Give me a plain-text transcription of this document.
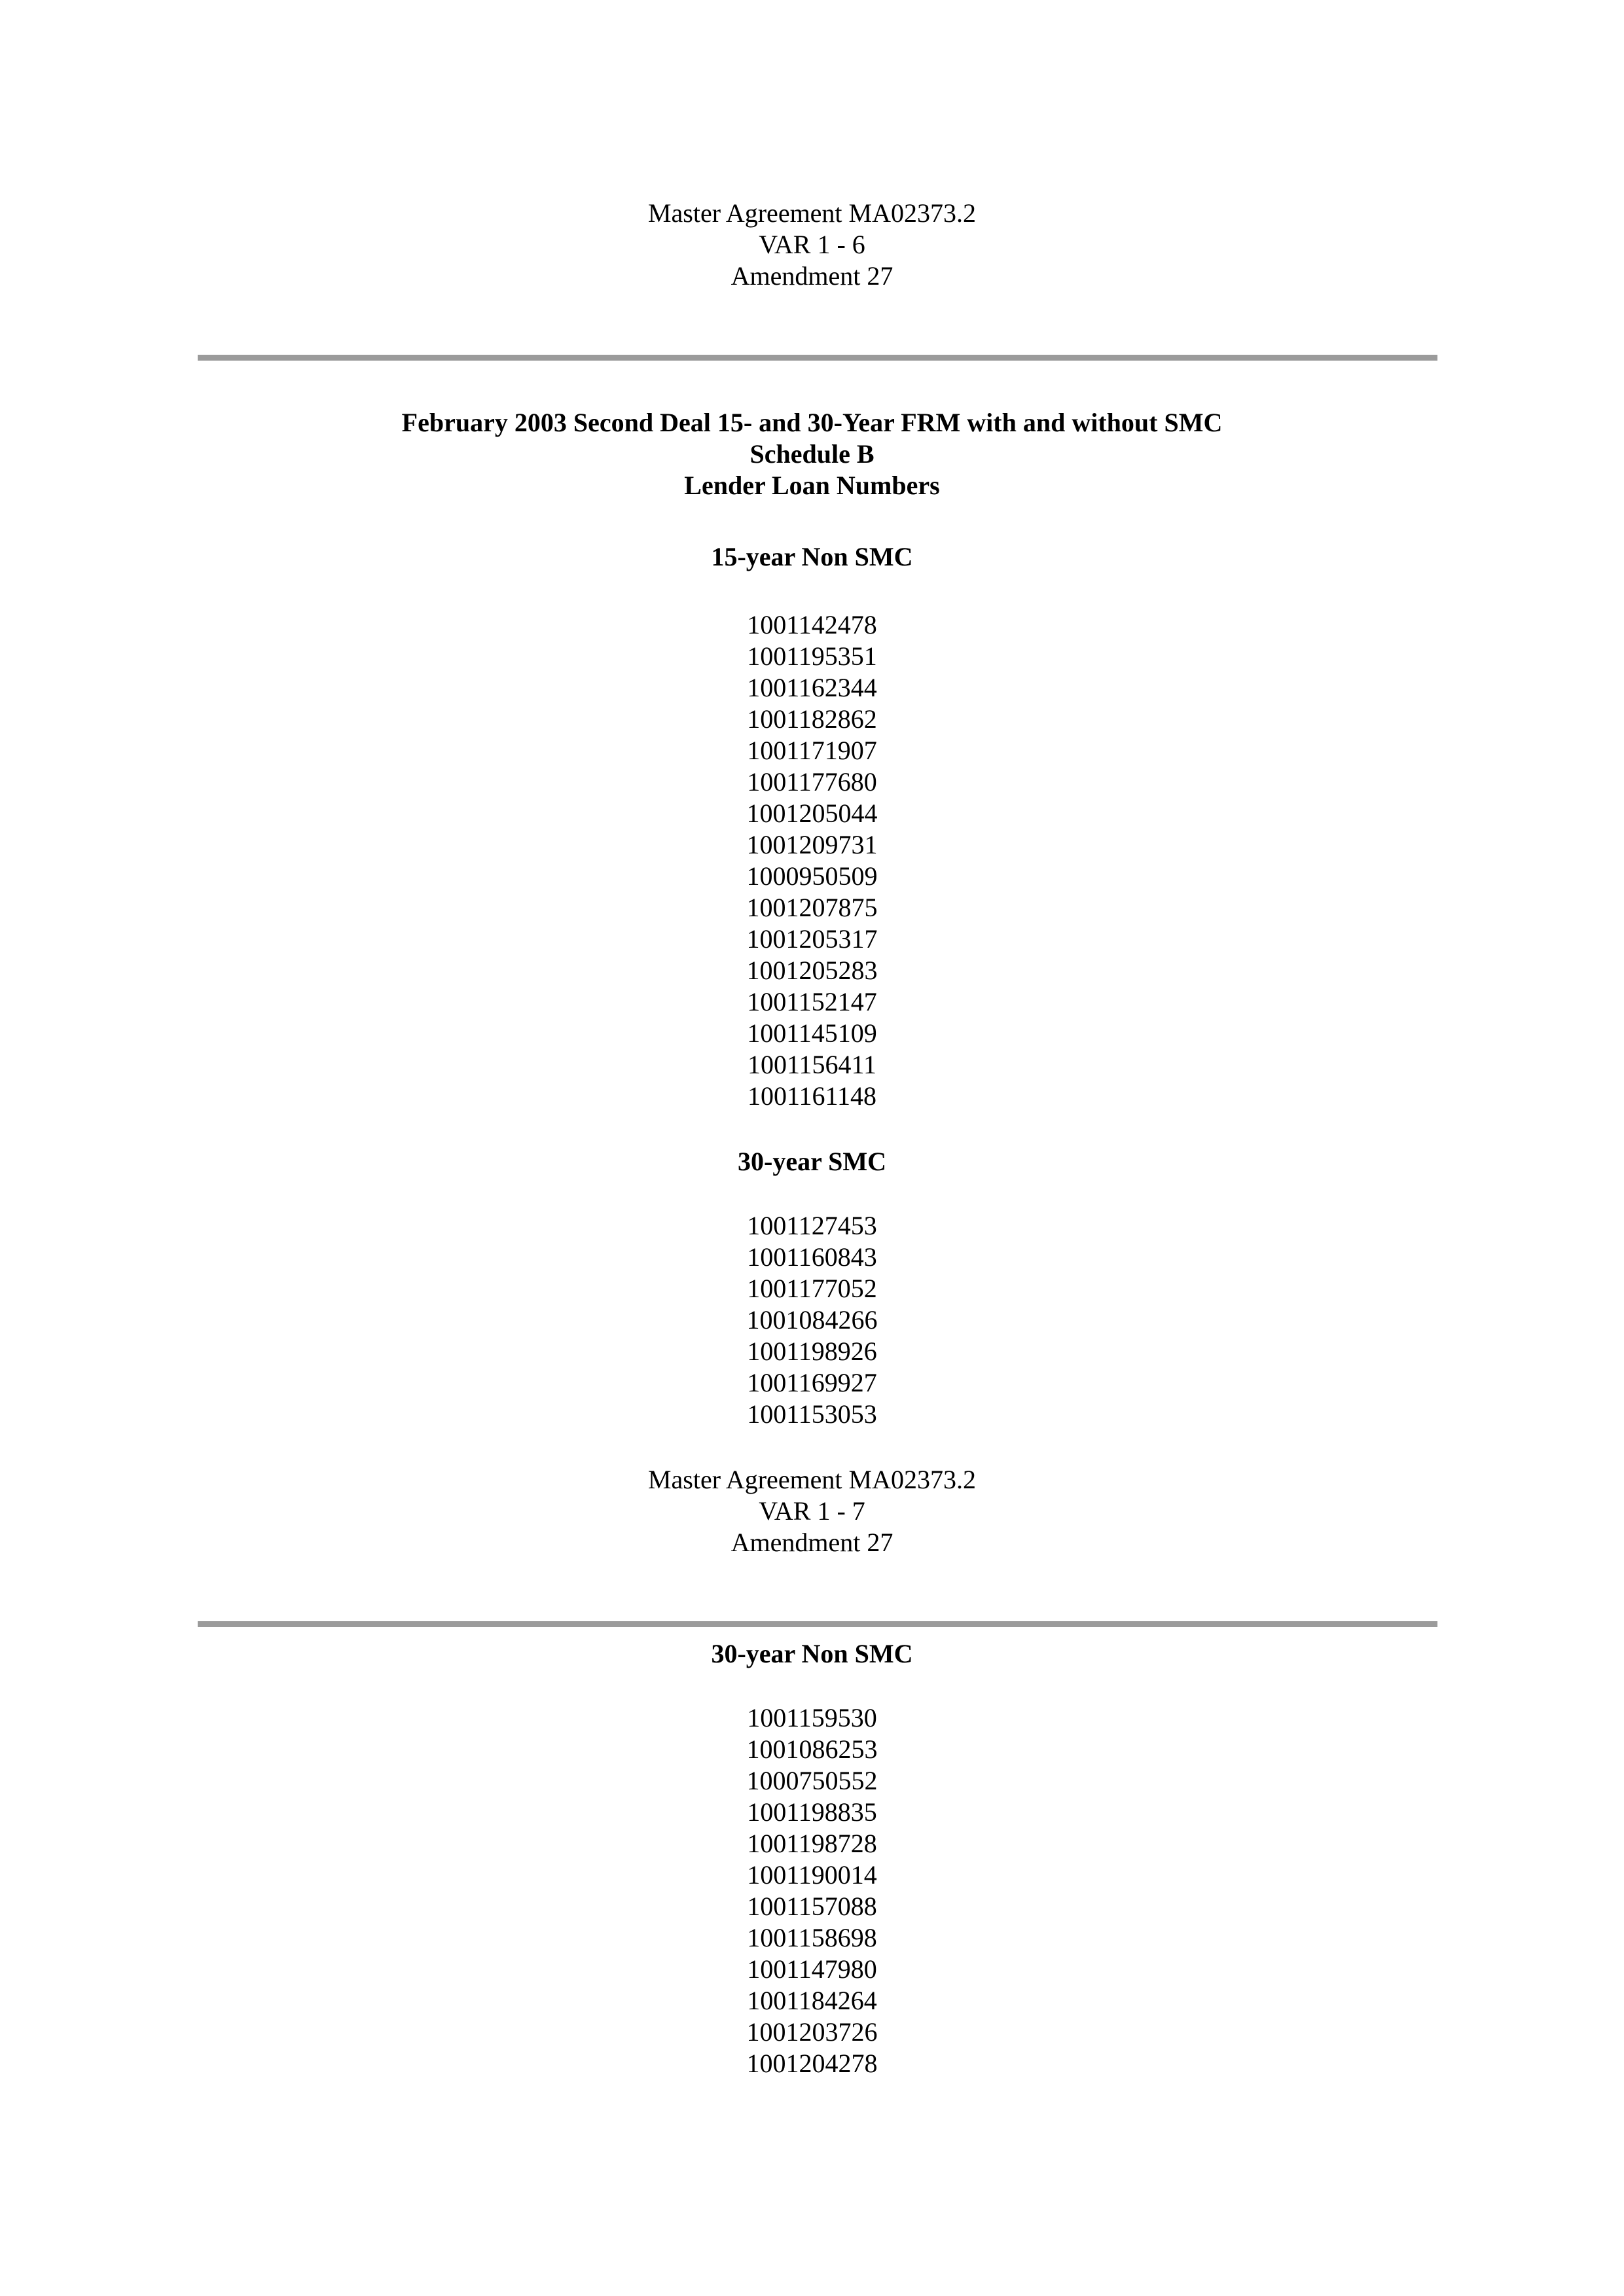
Master Agreement MA02373.2
VAR 1 - 6
Amendment 27
February 2003 Second Deal 15- and 30-Year FRM with and without SMC
Schedule B
Lender Loan Numbers
15-year Non SMC
1001142478
1001195351
1001162344
1001182862
1001171907
1001177680
1001205044
1001209731
1000950509
1001207875
1001205317
1001205283
1001152147
1001145109
1001156411
1001161148
30-year SMC
1001127453
1001160843
1001177052
1001084266
1001198926
1001169927
1001153053
Master Agreement MA02373.2
VAR 1 - 7
Amendment 27
30-year Non SMC
1001159530
1001086253
1000750552
1001198835
1001198728
1001190014
1001157088
1001158698
1001147980
1001184264
1001203726
1001204278
